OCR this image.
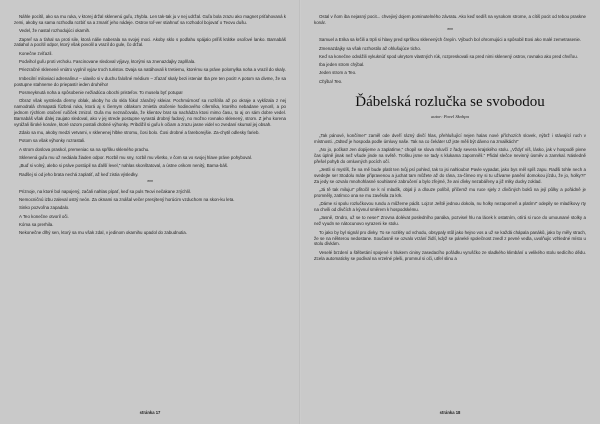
Náhle pocítil, ako sa mu ruka, v ktorej držal sklenenú guľu, zhybla. Len tak-tak ju v nej udržal. Guľa bola zrazu ako magnet priťahovaná k zemi, akoby sa sama rozhodla rozbiť sa a zmariť jeho nádeje. Ostrov toľ-ver stiahnuť sa rozhodol bojovať o Teovu dušu.

Vedel, že nastal rozhodujúci okamih.

Zapreľ sa a ťahal sa proti sile, ktorá nálie naberala na svojej moci. Akoby sklo s podlahu spájalo priľiš krátke osoľové lanko. Barnabáš zatiahol a pocítil odpor, ktorý však povolil a vrazil do gule, čo držal.

Konečne zvíťazil.

Podvihol guľu proti vrcholu. Fascinovane sledoval výjavy, ktorými sa znenazdajky zaplňala.

Priezračné sklenené vnútro vyplnil vyjav troch turistov. Dvaja sa natáhovali k tretiemu, ktorému sa práve polomylka noha a vrazil do skaly.

Imbecilní miloviaci adrenalínu! – ulavilo si v duchu falošné médium – zľazať skaly bezi istenia! Iba pre ten pocit! A potom sa divme, že sa postupne stahneme do priepasti! ieden druhého!

Posmeyknutá noha a spôsobenie nežiadúca obochi pristeľov. To musela byť potupa!

Obraz však vystrieda ďermy oblak, akoby ho do skla fúkol záračný skleiar. Pochmúrnosť sa rozšírila až po okraje a vyklizala z nej namodralá chmapatá fúzbná ruka, ktorá aj s čiernym oblakom zmietla otočenie hodinového ciferníka, ktorého nebadane vynoril, a po jednom rýchlom otočení ručiček zmizol. Guľa mu neznačovala, že klientov brat sa nachádza ktosi mimo času, to aj on sám dobre vedel. Barnabáš však ďalej zaujato sledoval, ako v jej strede postupne vyrastá drobný fadový, no možno rovnako sklenený, strom. Z jeho korena vyrážali široké konáre, ktoré razom postali drobné výhonky. Pribdižil si guľu k očiam a zrazu jasne videl vo zvedaní skumal jej obsah.

Zdalo sa mu, akoby medzi vetvami, v sklenenej hlbke stromu, čosi bolo. Čosi drobné a fareborejšie. Za-chytil odlesky farieb.

Potom sa však výhonky rozrastali.

A strom doslova praskol, premeniac sa na spŕšku skleného prachu.

Sklenená guľa mu už nedáala žiaden odpor. Rozbil mu sny, rozbil mu všetko, v čom sa vo svojej hlave práve pohyboval.

„Buď si volný, alebo si práve postúpil na ďalší level,“ nahlas skonštatoval, a ústne orikom nenitý, Barna-báš.

Radšej si od jeho brata nechá zaplatiť, až keď zistia výsledky.

***

Priznoje, na ktoré bol napojený, začali nahlas pípať, keď sa puls Teovi nečakane zrýchlil.

Nemocničnú izbu zaleval ostrý neón. Za oknami sa znášal večer presýtený horúcim vzduchom na skon-ku leta.

Sinko pozvoľna zapadalo.

A Teo konečne otvoril oči.

Kóma sa prerhila.

Nekonečne dlhý sen, ktorý sa mu však zdal, v jedinom okamihu upadol do zabudnutia.

stránka 17

Ostal v ňom iba nejasný pocit... chvejivý dojem pominutelného závratu. Ako keď sedíš na vysokom strome, a cítiš pocit od tebou praskne konár.

***

Samuel a Erika sa krčili a trpli si hlavy pred sprškou sklenených črepín. Výbuch bol ohromujúci a spôsobil Eosi ako malé zemetrasenie.

Zmenazdajky sa však rozhostilo až ohlušujúce ticho.

Keď sa konečne odvážili vykuknúť spod ukrytom vlastných rúk, rozpreskovali sa pred nimi sklenený ostrov, rovnako ako pred chvíľou.

Iba jeden strom chýbal.

Jeden strom a Teo.

Chýbal Teo.

Ďábelská rozlučka se svobodou
autor: Pavel Skohpa

„Tak pánové, končíme!“ zaměl ode dveří rázný divčí hlas, přehlušující nejen halas nové příchozích slovek, nýbrž i stávající ruch v místnosti. „Odteď je hospoda podle úmluvy naše. Tak na co čekáte! Už jste měli být dávno na zmailkách!“

„No jo, počkat! Jen dopijeme a zaplatíme,“ chopil se slova mluvčí z řady severa krajského stolu. „Vždyť víš, lásko, jak v hospodě pivne čas úplně jinak než všude jinde na světě. Trošku jsme se tady s klukama zapomněli.“ Přidal slečce nevinný úsměv a zamrkal. Následně přešel pohyb do omluvných pocích očí.

„Jestli si myslíš, že na mě bude platit ten tvůj psí pohled, tak to jsi nahloubo! Pavle vypadat, jako bys měl spíš zapu. Radši tohle nech a svedejte se! Stodolu máte připravenou a juchat tam můžete až do rána, za-čímeo my si tu uživame panění domokou jízdu, že jo, holky?!“ Za jedy se ozvalo mnohohlasné souhlasné zabručení a bylo zřejmé, že ani dívky nezabářeny a již mlky ducky zoklad.

„Já tě tak miluju!“ přitočil se k ní mladík, objal ji a dlouze políbil, přičemž mu ruce sjely z dívčiných boků na její půlky a pořádně je promněly, zatímco ona se mu zavěsila za krk.

„Dáme si spolu rozlučkovou rundu a můžeme pádit. Lojzo! Ještě jednou dokola, nu holky nezapomeň a platím!“ odepily se mladíkovy rty na chvíli od dívčích a kývnul směrem k hospodskému.

„Jasně, Ondro, už se to nese!“ Zrovna dolévat posledního panáka, pozvisel hlu na lácek k ostatním, otírá si ruce do umounané stolky a než vyudn se nátocunovo vyrazeni ke stolu.

To jako by byl signál pro divky. To se rozléty od vchodu, obsypaly stůl jako hejno vos a už se každá chápala panáků, jako by měly strach, že se na některou nedostane. Současně se ozvalo vrzání židlí, když se páneké společnost zvedl z pevné vedla, uvolňujic vzhledné místo u stolu dívkám.

Veselé brzdení a štěbetání spojené s hlukem cininy zasedacího pořádku vyruščko ze sladkého klimbání u velikého stolu sedícího dědu. Zcela automaticky se podíval na vrzelné pleši, promnul si oči, utřel slinu a

stránka 18
